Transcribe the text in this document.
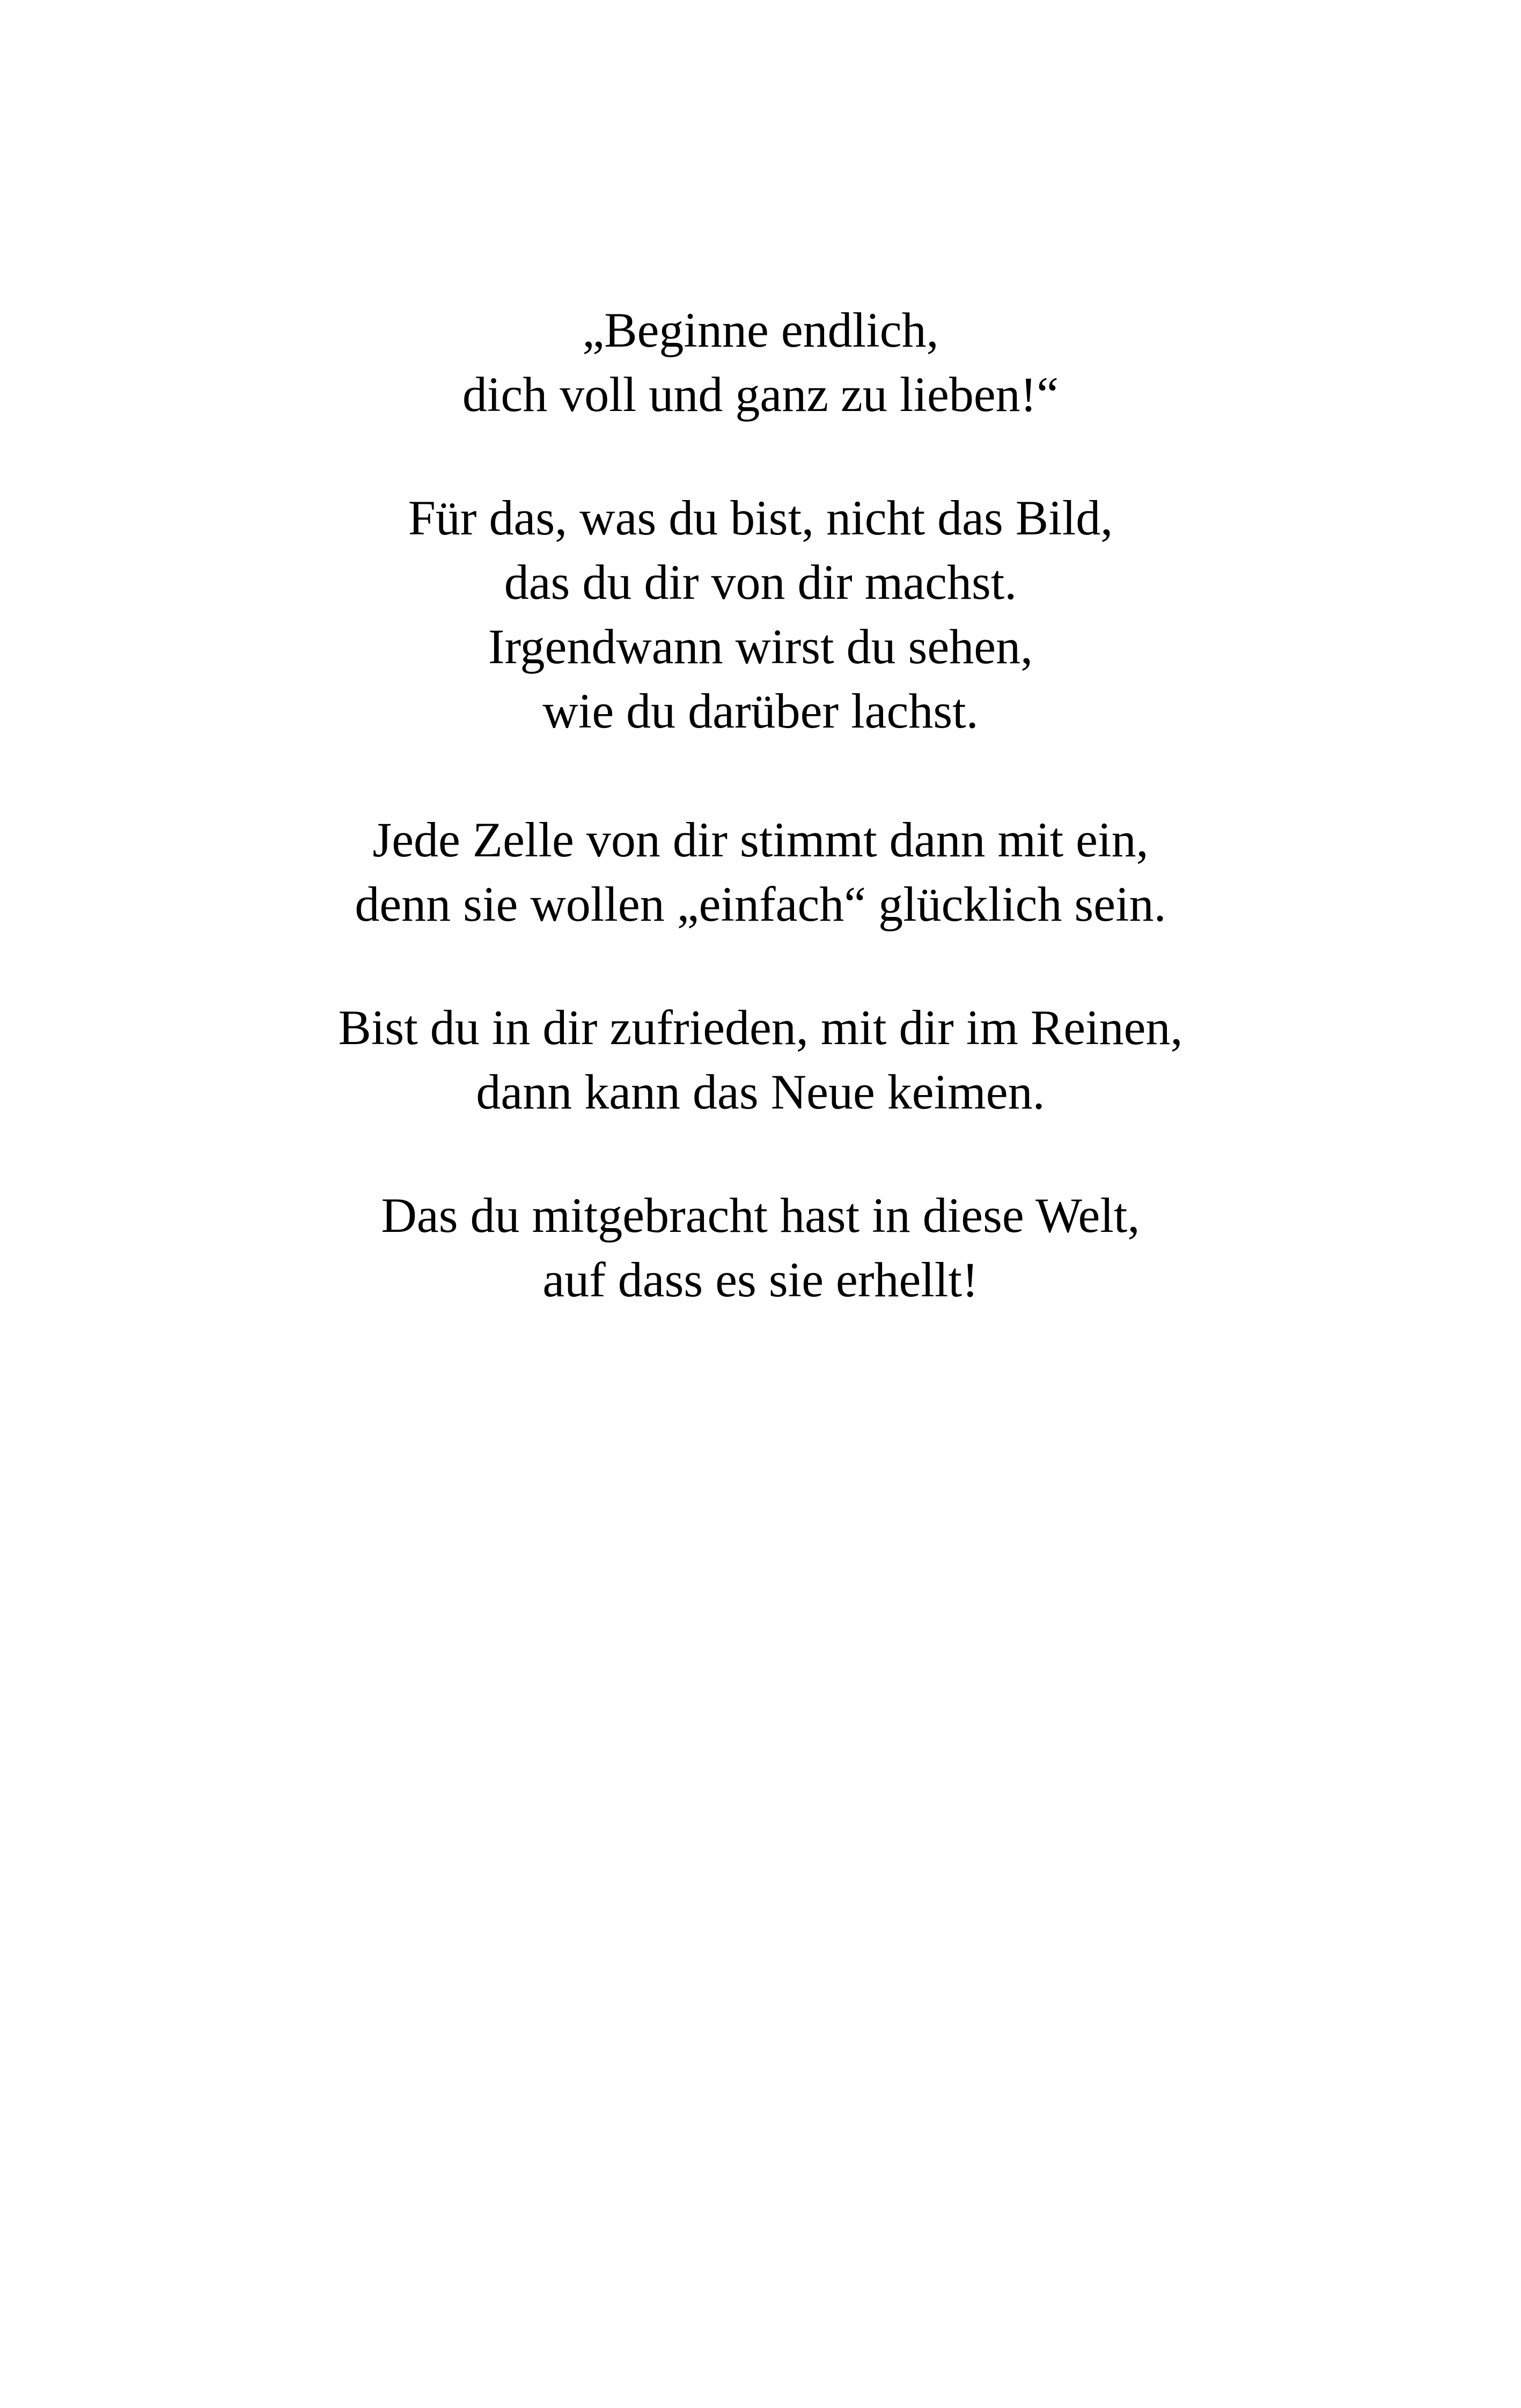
„Beginne endlich,
dich voll und ganz zu lieben!“
Für das, was du bist, nicht das Bild,
das du dir von dir machst.
Irgendwann wirst du sehen,
wie du darüber lachst.
Jede Zelle von dir stimmt dann mit ein,
denn sie wollen „einfach“ glücklich sein.
Bist du in dir zufrieden, mit dir im Reinen,
dann kann das Neue keimen.
Das du mitgebracht hast in diese Welt,
auf dass es sie erhellt!
